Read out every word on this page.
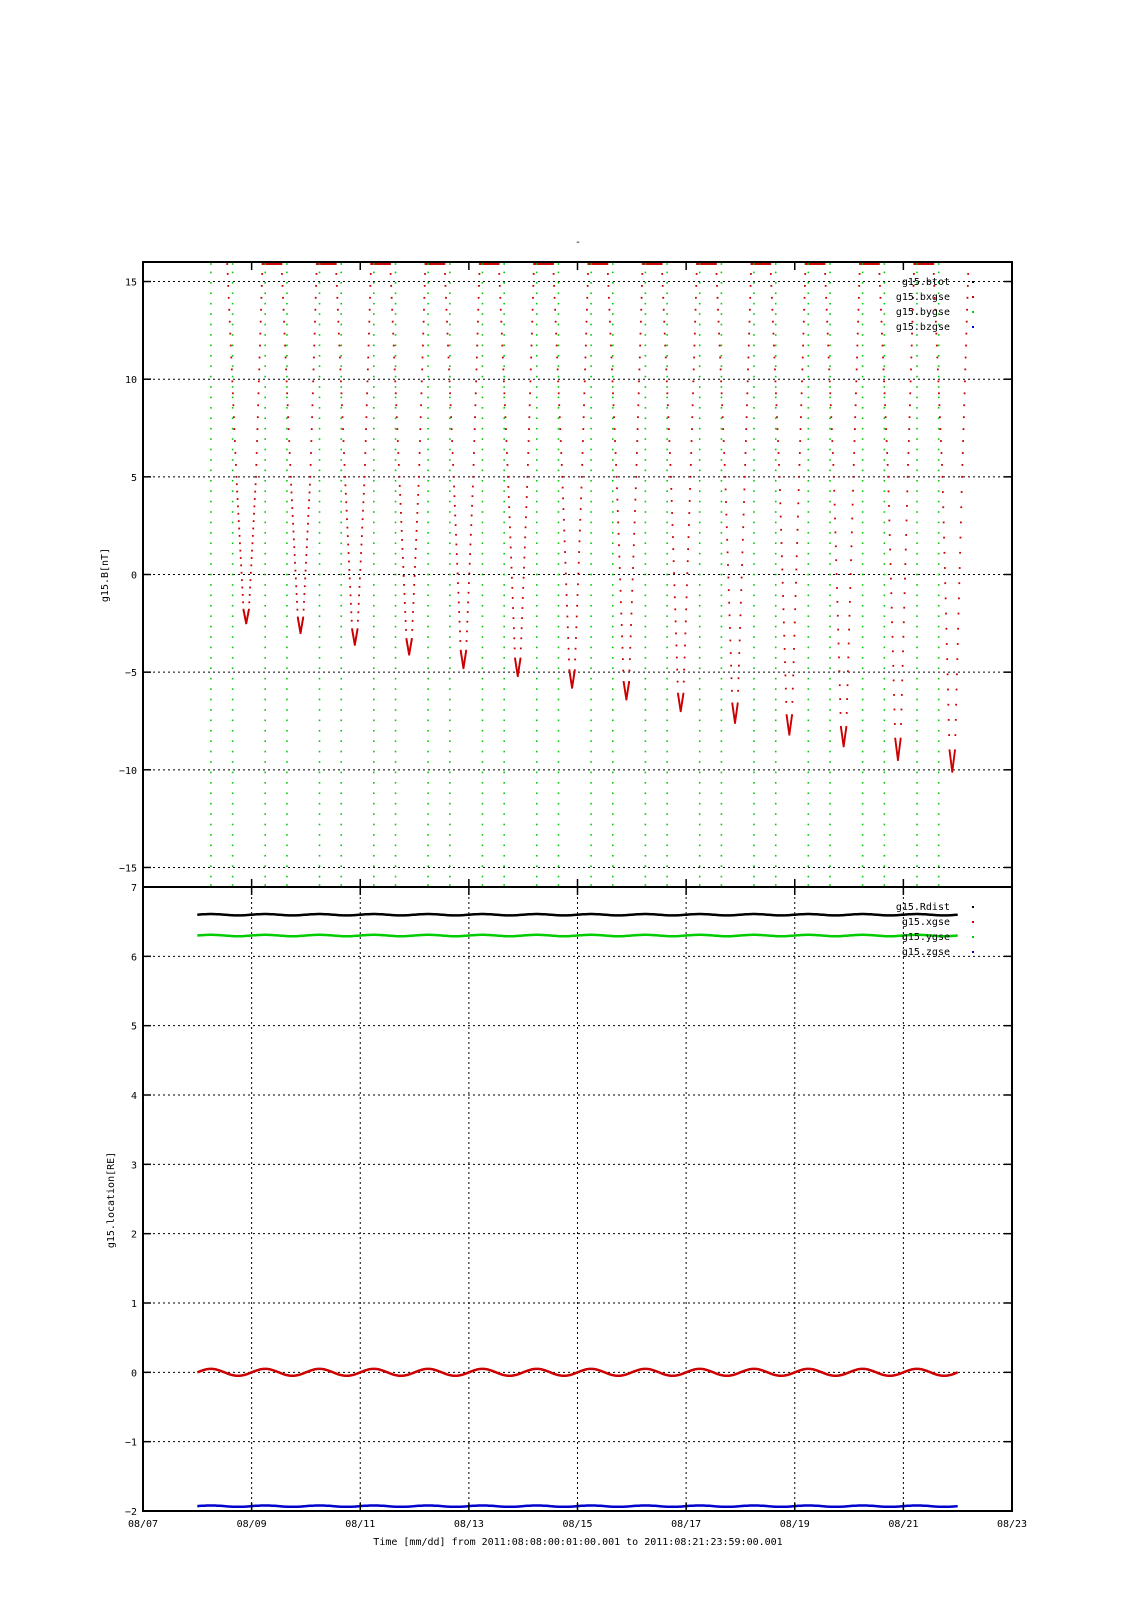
-
−15
−10
−5
0
5
10
15	g15.btot
g15.bxgse
g15.bygse
g15.bzgse
g15.B[nT]
−2
−1
0
1
2
3
4
5
6
7
08/07	08/09	08/11	08/13	08/15	08/17	08/19	08/21	08/23
g15.Rdist
g15.xgse
g15.ygse
g15.zgse
g15.location[RE]
Time [mm/dd] from 2011:08:08:00:01:00.001 to 2011:08:21:23:59:00.001
